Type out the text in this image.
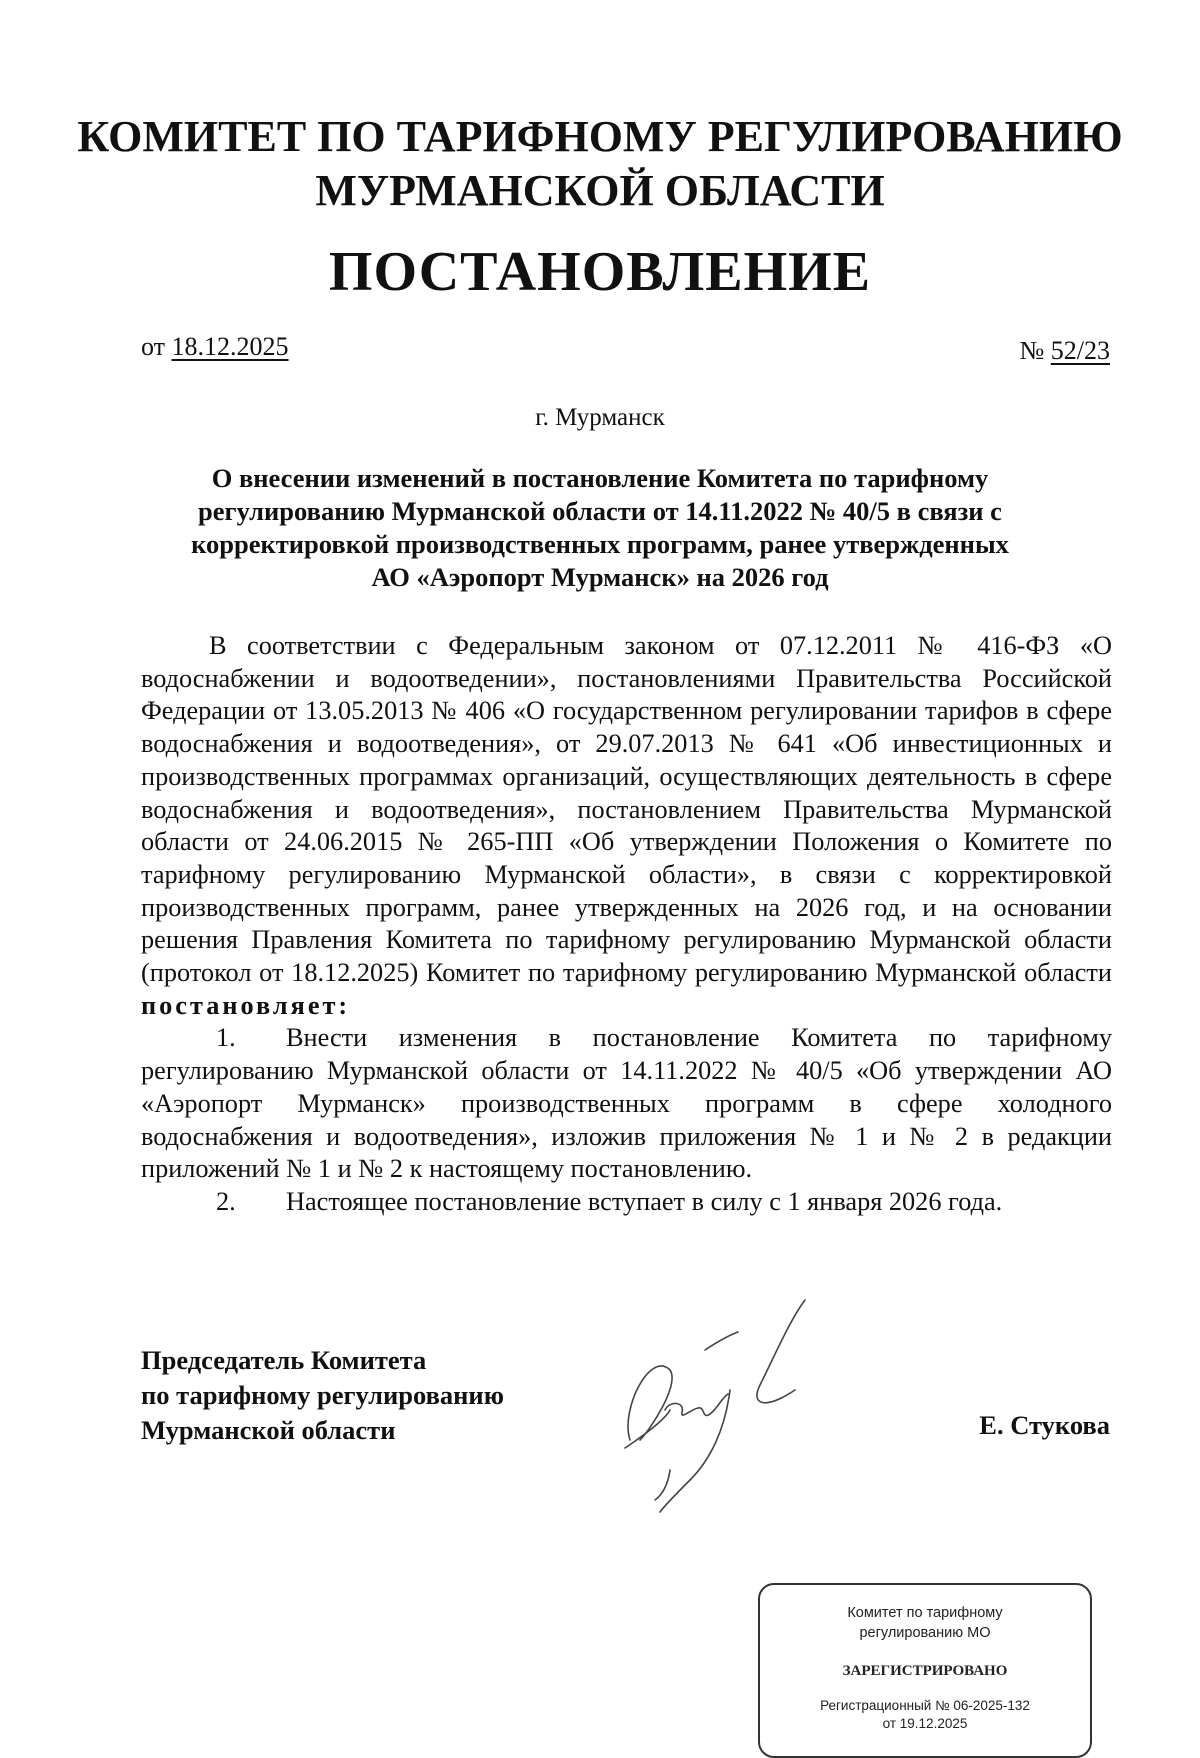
КОМИТЕТ ПО ТАРИФНОМУ РЕГУЛИРОВАНИЮ
МУРМАНСКОЙ ОБЛАСТИ
ПОСТАНОВЛЕНИЕ
от 18.12.2025	№ 52/23
г. Мурманск
О внесении изменений в постановление Комитета по тарифному
регулированию Мурманской области от 14.11.2022 № 40/5 в связи с
корректировкой производственных программ, ранее утвержденных
АО «Аэропорт Мурманск» на 2026 год

В соответствии с Федеральным законом от 07.12.2011 № 416-ФЗ «О водоснабжении и водоотведении», постановлениями Правительства Российской Федерации от 13.05.2013 № 406 «О государственном регулировании тарифов в сфере водоснабжения и водоотведения», от 29.07.2013 № 641 «Об инвестиционных и производственных программах организаций, осуществляющих деятельность в сфере водоснабжения и водоотведения», постановлением Правительства Мурманской области от 24.06.2015 № 265-ПП «Об утверждении Положения о Комитете по тарифному регулированию Мурманской области», в связи с корректировкой производственных программ, ранее утвержденных на 2026 год, и на основании решения Правления Комитета по тарифному регулированию Мурманской области (протокол от 18.12.2025) Комитет по тарифному регулированию Мурманской области постановляет:

1. Внести изменения в постановление Комитета по тарифному регулированию Мурманской области от 14.11.2022 № 40/5 «Об утверждении АО «Аэропорт Мурманск» производственных программ в сфере холодного водоснабжения и водоотведения», изложив приложения № 1 и № 2 в редакции приложений № 1 и № 2 к настоящему постановлению.

2. Настоящее постановление вступает в силу с 1 января 2026 года.

Председатель Комитета
по тарифному регулированию
Мурманской области	Е. Стукова
Комитет по тарифному
регулированию МО
ЗАРЕГИСТРИРОВАНО
Регистрационный № 06-2025-132
от 19.12.2025
